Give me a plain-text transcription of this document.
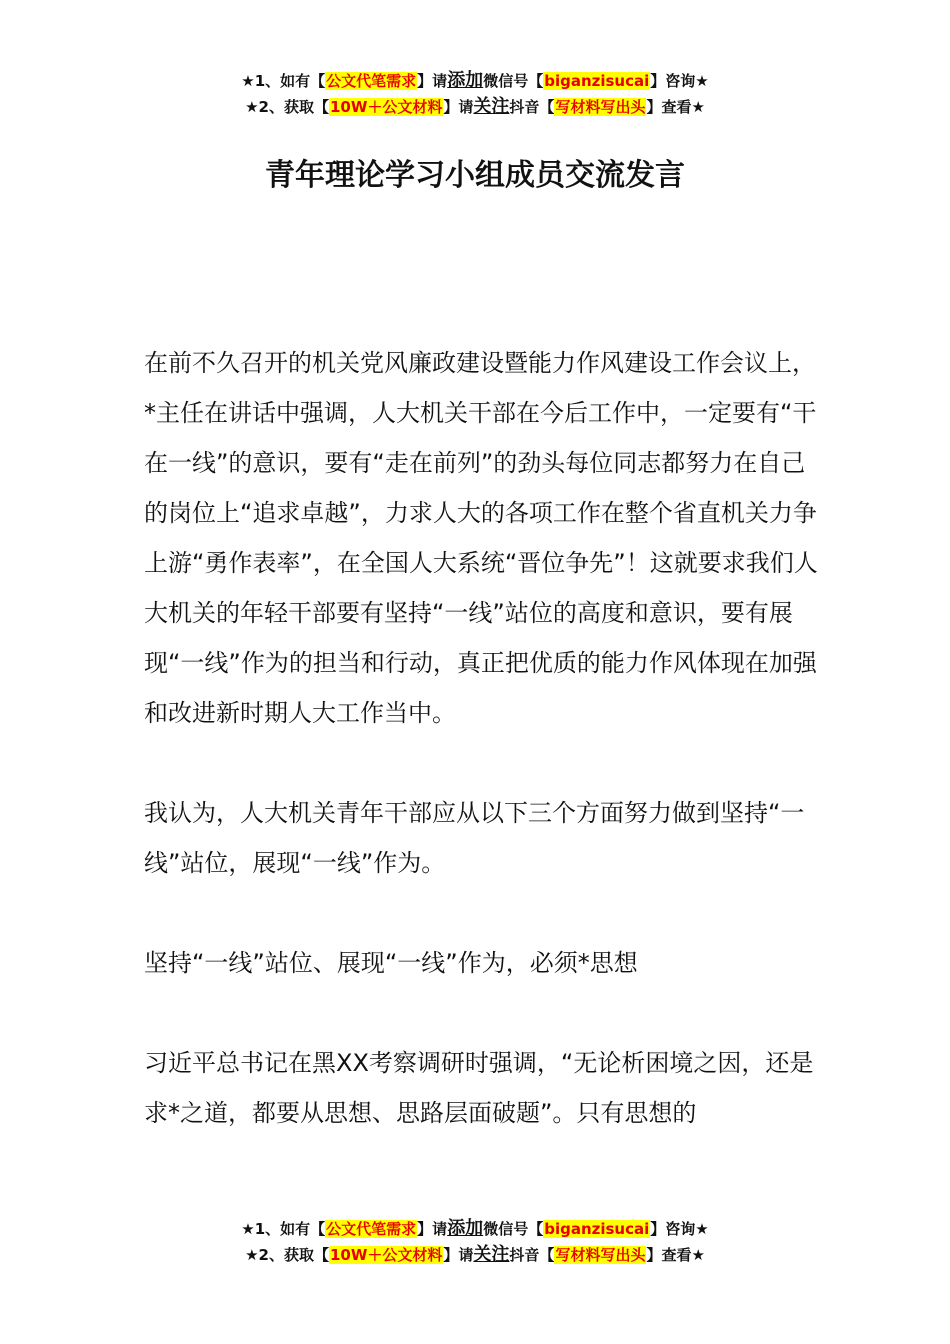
★1、如有【公文代笔需求】请添加微信号【biganzisucai】咨询★
★2、获取【10W＋公文材料】请关注抖音【写材料写出头】查看★
青年理论学习小组成员交流发言

在前不久召开的机关党风廉政建设暨能力作风建设工作会议上，*主任在讲话中强调，人大机关干部在今后工作中，一定要有“干在一线”的意识，要有“走在前列”的劲头每位同志都努力在自己的岗位上“追求卓越”，力求人大的各项工作在整个省直机关力争上游“勇作表率”，在全国人大系统“晋位争先”！这就要求我们人大机关的年轻干部要有坚持“一线”站位的高度和意识，要有展现“一线”作为的担当和行动，真正把优质的能力作风体现在加强和改进新时期人大工作当中。

我认为，人大机关青年干部应从以下三个方面努力做到坚持“一线”站位，展现“一线”作为。

坚持“一线”站位、展现“一线”作为，必须*思想

习近平总书记在黑XX考察调研时强调，“无论析困境之因，还是求*之道，都要从思想、思路层面破题”。只有思想的

★1、如有【公文代笔需求】请添加微信号【biganzisucai】咨询★
★2、获取【10W＋公文材料】请关注抖音【写材料写出头】查看★
